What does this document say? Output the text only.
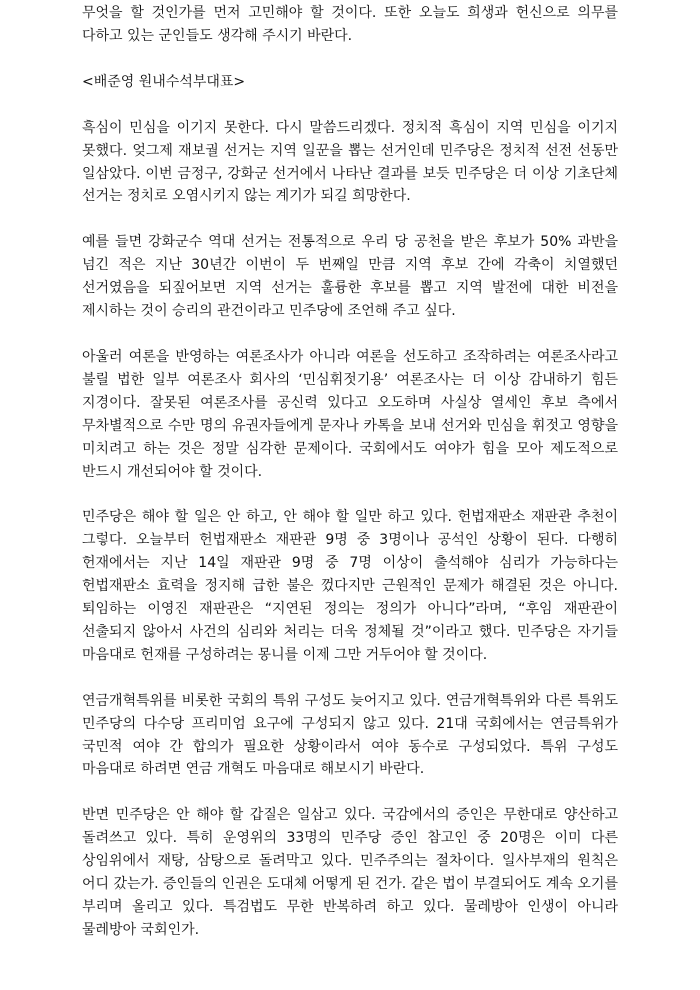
무엇을 할 것인가를 먼저 고민해야 할 것이다. 또한 오늘도 희생과 헌신으로 의무를 다하고 있는 군인들도 생각해 주시기 바란다.

<배준영 원내수석부대표>

흑심이 민심을 이기지 못한다. 다시 말씀드리겠다. 정치적 흑심이 지역 민심을 이기지 못했다. 엊그제 재보궐 선거는 지역 일꾼을 뽑는 선거인데 민주당은 정치적 선전 선동만 일삼았다. 이번 금정구, 강화군 선거에서 나타난 결과를 보듯 민주당은 더 이상 기초단체 선거는 정치로 오염시키지 않는 계기가 되길 희망한다.

예를 들면 강화군수 역대 선거는 전통적으로 우리 당 공천을 받은 후보가 50% 과반을 넘긴 적은 지난 30년간 이번이 두 번째일 만큼 지역 후보 간에 각축이 치열했던 선거였음을 되짚어보면 지역 선거는 훌륭한 후보를 뽑고 지역 발전에 대한 비전을 제시하는 것이 승리의 관건이라고 민주당에 조언해 주고 싶다.

아울러 여론을 반영하는 여론조사가 아니라 여론을 선도하고 조작하려는 여론조사라고 불릴 법한 일부 여론조사 회사의 ‘민심휘젓기용’ 여론조사는 더 이상 감내하기 힘든 지경이다. 잘못된 여론조사를 공신력 있다고 오도하며 사실상 열세인 후보 측에서 무차별적으로 수만 명의 유권자들에게 문자나 카톡을 보내 선거와 민심을 휘젓고 영향을 미치려고 하는 것은 정말 심각한 문제이다. 국회에서도 여야가 힘을 모아 제도적으로 반드시 개선되어야 할 것이다.

민주당은 해야 할 일은 안 하고, 안 해야 할 일만 하고 있다. 헌법재판소 재판관 추천이 그렇다. 오늘부터 헌법재판소 재판관 9명 중 3명이나 공석인 상황이 된다. 다행히 헌재에서는 지난 14일 재판관 9명 중 7명 이상이 출석해야 심리가 가능하다는 헌법재판소 효력을 정지해 급한 불은 껐다지만 근원적인 문제가 해결된 것은 아니다. 퇴임하는 이영진 재판관은 “지연된 정의는 정의가 아니다”라며, “후임 재판관이 선출되지 않아서 사건의 심리와 처리는 더욱 정체될 것”이라고 했다. 민주당은 자기들 마음대로 헌재를 구성하려는 몽니를 이제 그만 거두어야 할 것이다.

연금개혁특위를 비롯한 국회의 특위 구성도 늦어지고 있다. 연금개혁특위와 다른 특위도 민주당의 다수당 프리미엄 요구에 구성되지 않고 있다. 21대 국회에서는 연금특위가 국민적 여야 간 합의가 필요한 상황이라서 여야 동수로 구성되었다. 특위 구성도 마음대로 하려면 연금 개혁도 마음대로 해보시기 바란다.

반면 민주당은 안 해야 할 갑질은 일삼고 있다. 국감에서의 증인은 무한대로 양산하고 돌려쓰고 있다. 특히 운영위의 33명의 민주당 증인 참고인 중 20명은 이미 다른 상임위에서 재탕, 삼탕으로 돌려막고 있다. 민주주의는 절차이다. 일사부재의 원칙은 어디 갔는가. 증인들의 인권은 도대체 어떻게 된 건가. 같은 법이 부결되어도 계속 오기를 부리며 올리고 있다. 특검법도 무한 반복하려 하고 있다. 물레방아 인생이 아니라 물레방아 국회인가.
